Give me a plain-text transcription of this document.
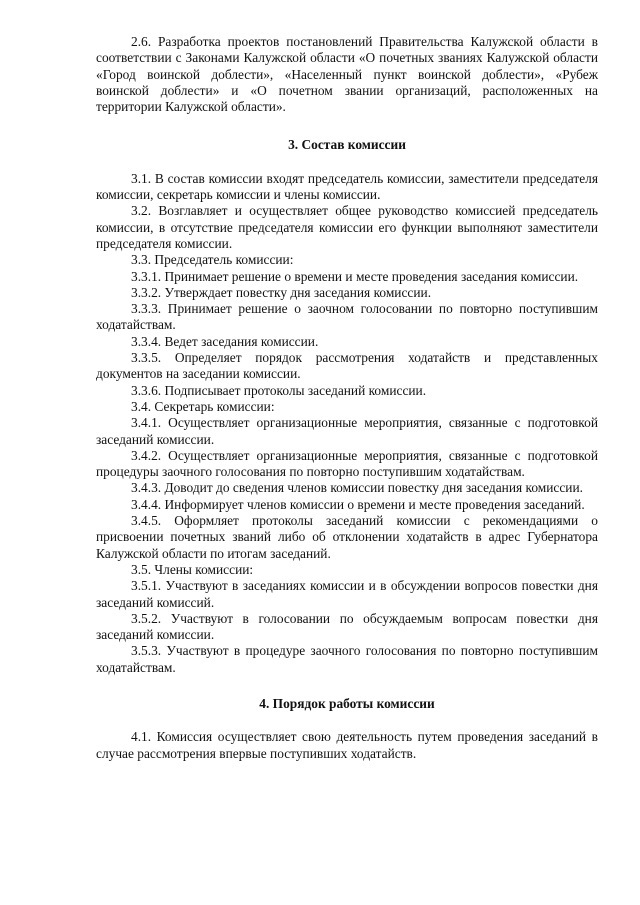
2.6. Разработка проектов постановлений Правительства Калужской области в соответствии с Законами Калужской области «О почетных званиях Калужской области «Город воинской доблести», «Населенный пункт воинской доблести», «Рубеж воинской доблести» и «О почетном звании организаций, расположенных на территории Калужской области».

3. Состав комиссии

3.1. В состав комиссии входят председатель комиссии, заместители председателя комиссии, секретарь комиссии и члены комиссии.

3.2. Возглавляет и осуществляет общее руководство комиссией председатель комиссии, в отсутствие председателя комиссии его функции выполняют заместители председателя комиссии.

3.3. Председатель комиссии:

3.3.1. Принимает решение о времени и месте проведения заседания комиссии.

3.3.2. Утверждает повестку дня заседания комиссии.

3.3.3. Принимает решение о заочном голосовании по повторно поступившим ходатайствам.

3.3.4. Ведет заседания комиссии.

3.3.5. Определяет порядок рассмотрения ходатайств и представленных документов на заседании комиссии.

3.3.6. Подписывает протоколы заседаний комиссии.

3.4. Секретарь комиссии:

3.4.1. Осуществляет организационные мероприятия, связанные с подготовкой заседаний комиссии.

3.4.2. Осуществляет организационные мероприятия, связанные с подготовкой процедуры заочного голосования по повторно поступившим ходатайствам.

3.4.3. Доводит до сведения членов комиссии повестку дня заседания комиссии.

3.4.4. Информирует членов комиссии о времени и месте проведения заседаний.

3.4.5. Оформляет протоколы заседаний комиссии с рекомендациями о присвоении почетных званий либо об отклонении ходатайств в адрес Губернатора Калужской области по итогам заседаний.

3.5. Члены комиссии:

3.5.1. Участвуют в заседаниях комиссии и в обсуждении вопросов повестки дня заседаний комиссий.

3.5.2. Участвуют в голосовании по обсуждаемым вопросам повестки дня заседаний комиссии.

3.5.3. Участвуют в процедуре заочного голосования по повторно поступившим ходатайствам.

4. Порядок работы комиссии

4.1. Комиссия осуществляет свою деятельность путем проведения заседаний в случае рассмотрения впервые поступивших ходатайств.
